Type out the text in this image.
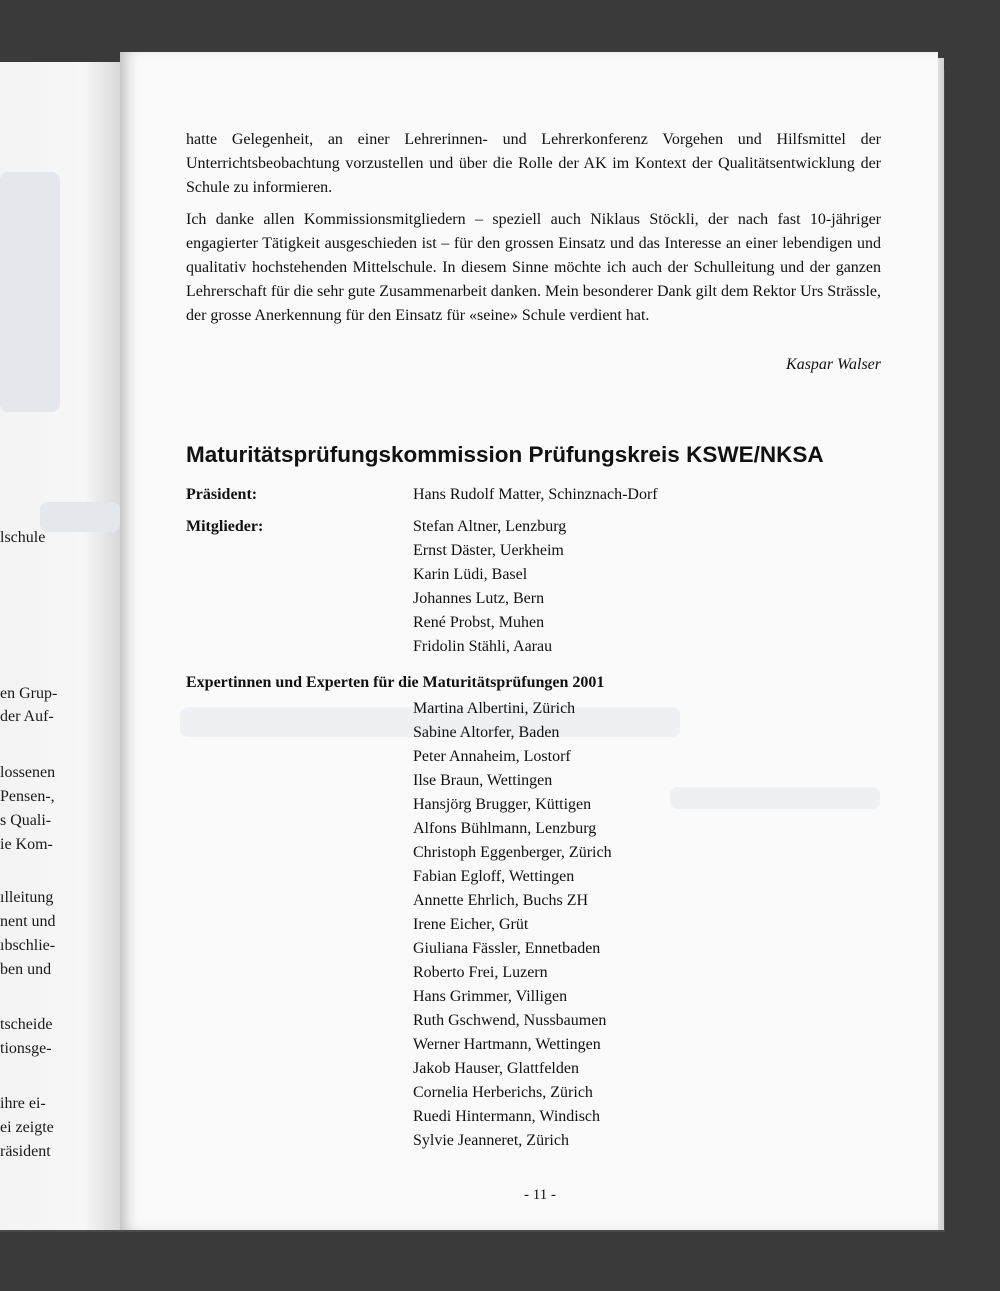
lschule
en Grup-
der Auf-
lossenen
Pensen-,
s Quali-
ie Kom-
ılleitung
nent und
ıbschlie-
ben und
tscheide
tionsge-
ihre ei-
ei zeigte
räsident

hatte Gelegenheit, an einer Lehrerinnen- und Lehrerkonferenz Vorgehen und Hilfsmittel der Unterrichtsbeobachtung vorzustellen und über die Rolle der AK im Kontext der Qualitätsentwicklung der Schule zu informieren.

Ich danke allen Kommissionsmitgliedern – speziell auch Niklaus Stöckli, der nach fast 10-jähriger engagierter Tätigkeit ausgeschieden ist – für den grossen Einsatz und das Interesse an einer lebendigen und qualitativ hochstehenden Mittelschule. In diesem Sinne möchte ich auch der Schulleitung und der ganzen Lehrerschaft für die sehr gute Zusammenarbeit danken. Mein besonderer Dank gilt dem Rektor Urs Strässle, der grosse Anerkennung für den Einsatz für «seine» Schule verdient hat.

Kaspar Walser
Maturitätsprüfungskommission Prüfungskreis KSWE/NKSA
Präsident:	Hans Rudolf Matter, Schinznach-Dorf
Mitglieder:	Stefan Altner, Lenzburg
Ernst Däster, Uerkheim
Karin Lüdi, Basel
Johannes Lutz, Bern
René Probst, Muhen
Fridolin Stähli, Aarau
Expertinnen und Experten für die Maturitätsprüfungen 2001
Martina Albertini, Zürich
Sabine Altorfer, Baden
Peter Annaheim, Lostorf
Ilse Braun, Wettingen
Hansjörg Brugger, Küttigen
Alfons Bühlmann, Lenzburg
Christoph Eggenberger, Zürich
Fabian Egloff, Wettingen
Annette Ehrlich, Buchs ZH
Irene Eicher, Grüt
Giuliana Fässler, Ennetbaden
Roberto Frei, Luzern
Hans Grimmer, Villigen
Ruth Gschwend, Nussbaumen
Werner Hartmann, Wettingen
Jakob Hauser, Glattfelden
Cornelia Herberichs, Zürich
Ruedi Hintermann, Windisch
Sylvie Jeanneret, Zürich
- 11 -
